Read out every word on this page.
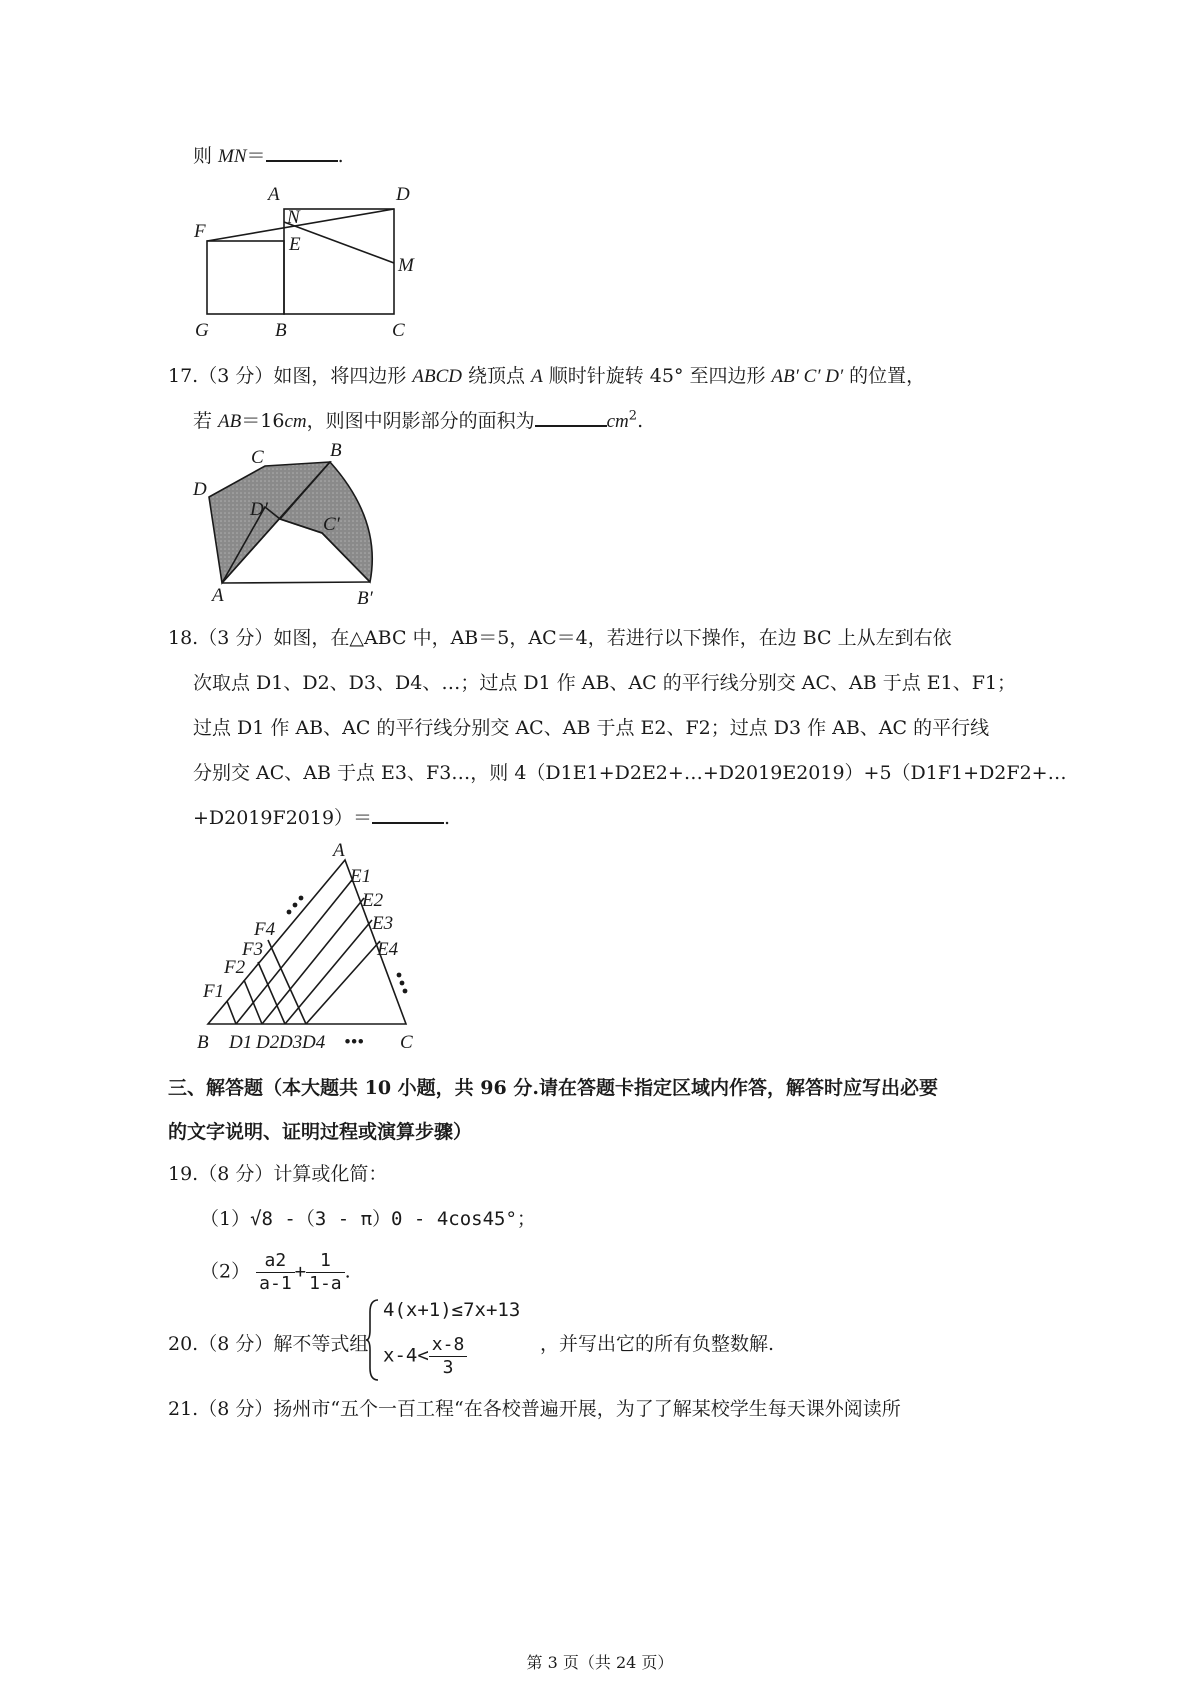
则 MN＝	.
A	D
N
F
E
M
G	B	C
17.（3 分）如图，将四边形 ABCD 绕顶点 A 顺时针旋转 45° 至四边形 AB′ C′ D′ 的位置，
若 AB＝16cm，则图中阴影部分的面积为	$cm^2$.
C	B
D
D′
C′
A	B′
18.（3 分）如图，在△ABC 中，AB＝5，AC＝4，若进行以下操作，在边 BC 上从左到右依
次取点 D1、D2、D3、D4、…；过点 D1 作 AB、AC 的平行线分别交 AC、AB 于点 E1、F1；
过点 D1 作 AB、AC 的平行线分别交 AC、AB 于点 E2、F2；过点 D3 作 AB、AC 的平行线
分别交 AC、AB 于点 E3、F3…，则 4（D1E1+D2E2+…+D2019E2019）+5（D1F1+D2F2+…
+D2019F2019）＝	.
A
E1
E2
E3
E4
F4
F3
F2
F1
B D1 D2 D3 D4 ••• C
三、解答题（本大题共 10 小题，共 96 分.请在答题卡指定区域内作答，解答时应写出必要
的文字说明、证明过程或演算步骤）
19.（8 分）计算或化简：
（1）√8 -（3 - π）0 - 4cos45°；
$(2) \frac{a2}{a-1} + \frac{1}{1-a}$ .
20.（8 分）解不等式组
4(x+1)≤7x+13
$x-4< \frac{x-8}{3}$	，并写出它的所有负整数解.
21.（8 分）扬州市“五个一百工程“在各校普遍开展，为了了解某校学生每天课外阅读所
第 3 页（共 24 页）
